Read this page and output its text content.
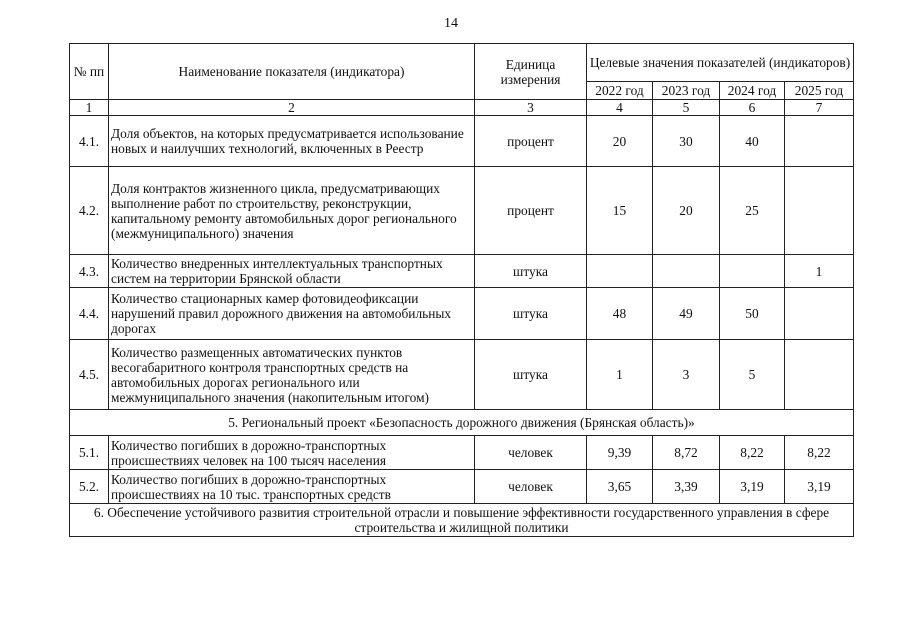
14
№ пп	Наименование показателя (индикатора)	Единица измерения	Целевые значения показателей (индикаторов)			
			2022 год	2023 год	2024 год	2025 год
1	2	3	4	5	6	7
4.1.	Доля объектов, на которых предусматривается использование новых и наилучших технологий, включенных в Реестр	процент	20	30	40	
4.2.	Доля контрактов жизненного цикла, предусматривающих выполнение работ по строительству, реконструкции, капитальному ремонту автомобильных дорог регионального (межмуниципального) значения	процент	15	20	25	
4.3.	Количество внедренных интеллектуальных транспортных систем на территории Брянской области	штука				1
4.4.	Количество стационарных камер фотовидеофиксации нарушений правил дорожного движения на автомобильных дорогах	штука	48	49	50	
4.5.	Количество размещенных автоматических пунктов весогабаритного контроля транспортных средств на автомобильных дорогах регионального или межмуниципального значения (накопительным итогом)	штука	1	3	5	
5. Региональный проект «Безопасность дорожного движения (Брянская область)»						
5.1.	Количество погибших в дорожно-транспортных происшествиях человек на 100 тысяч населения	человек	9,39	8,72	8,22	8,22
5.2.	Количество погибших в дорожно-транспортных происшествиях на 10 тыс. транспортных средств	человек	3,65	3,39	3,19	3,19
6. Обеспечение устойчивого развития строительной отрасли и повышение эффективности государственного управления в сфере строительства и жилищной политики						
